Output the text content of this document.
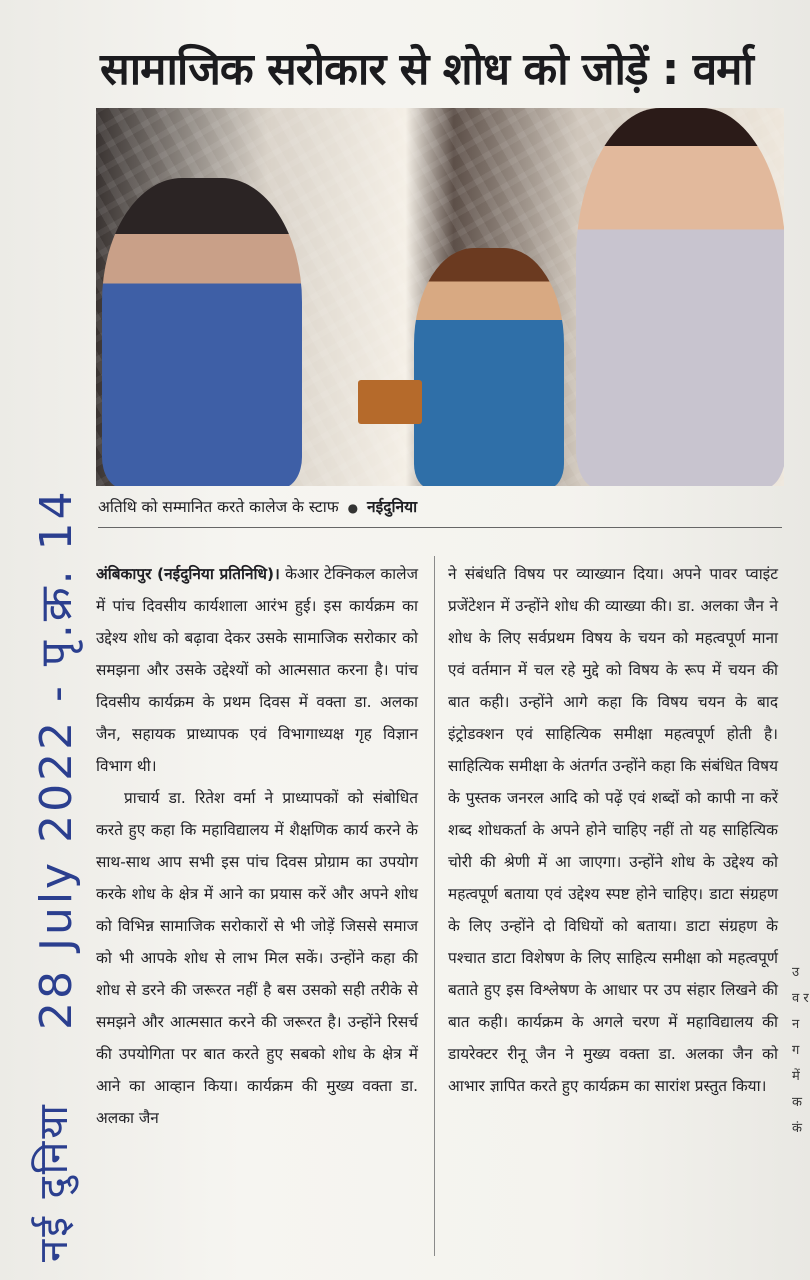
28 July 2022 - पृ.क्र. 14
नई दुनिया
सामाजिक सरोकार से शोध को जोड़ें : वर्मा
अतिथि को सम्मानित करते कालेज के स्टाफ ● नईदुनिया

अंबिकापुर (नईदुनिया प्रतिनिधि)। केआर टेक्निकल कालेज में पांच दिवसीय कार्यशाला आरंभ हुई। इस कार्यक्रम का उद्देश्य शोध को बढ़ावा देकर उसके सामाजिक सरोकार को समझना और उसके उद्देश्यों को आत्मसात करना है। पांच दिवसीय कार्यक्रम के प्रथम दिवस में वक्ता डा. अलका जैन, सहायक प्राध्यापक एवं विभागाध्यक्ष गृह विज्ञान विभाग थी।

प्राचार्य डा. रितेश वर्मा ने प्राध्यापकों को संबोधित करते हुए कहा कि महाविद्यालय में शैक्षणिक कार्य करने के साथ-साथ आप सभी इस पांच दिवस प्रोग्राम का उपयोग करके शोध के क्षेत्र में आने का प्रयास करें और अपने शोध को विभिन्न सामाजिक सरोकारों से भी जोड़ें जिससे समाज को भी आपके शोध से लाभ मिल सकें। उन्होंने कहा की शोध से डरने की जरूरत नहीं है बस उसको सही तरीके से समझने और आत्मसात करने की जरूरत है। उन्होंने रिसर्च की उपयोगिता पर बात करते हुए सबको शोध के क्षेत्र में आने का आव्हान किया। कार्यक्रम की मुख्य वक्ता डा. अलका जैन

ने संबंधति विषय पर व्याख्यान दिया। अपने पावर प्वाइंट प्रजेंटेशन में उन्होंने शोध की व्याख्या की। डा. अलका जैन ने शोध के लिए सर्वप्रथम विषय के चयन को महत्वपूर्ण माना एवं वर्तमान में चल रहे मुद्दे को विषय के रूप में चयन की बात कही। उन्होंने आगे कहा कि विषय चयन के बाद इंट्रोडक्शन एवं साहित्यिक समीक्षा महत्वपूर्ण होती है। साहित्यिक समीक्षा के अंतर्गत उन्होंने कहा कि संबंधित विषय के पुस्तक जनरल आदि को पढ़ें एवं शब्दों को कापी ना करें शब्द शोधकर्ता के अपने होने चाहिए नहीं तो यह साहित्यिक चोरी की श्रेणी में आ जाएगा। उन्होंने शोध के उद्देश्य को महत्वपूर्ण बताया एवं उद्देश्य स्पष्ट होने चाहिए। डाटा संग्रहण के लिए उन्होंने दो विधियों को बताया। डाटा संग्रहण के पश्चात डाटा विशेषण के लिए साहित्य समीक्षा को महत्वपूर्ण बताते हुए इस विश्लेषण के आधार पर उप संहार लिखने की बात कही। कार्यक्रम के अगले चरण में महाविद्यालय की डायरेक्टर रीनू जैन ने मुख्य वक्ता डा. अलका जैन को आभार ज्ञापित करते हुए कार्यक्रम का सारांश प्रस्तुत किया।

उ व र न ग में क कं
